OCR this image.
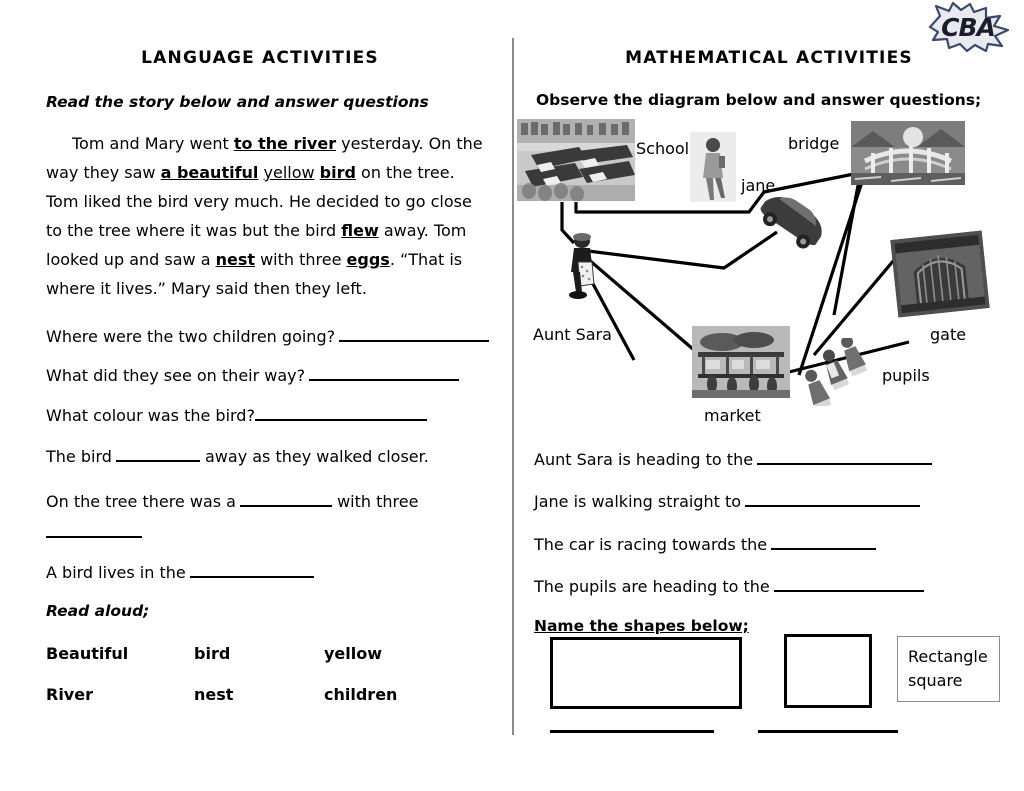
CBA
LANGUAGE ACTIVITIES
Read the story below and answer questions
Tom and Mary went to the river yesterday. On the way they saw a beautiful yellow bird on the tree. Tom liked the bird very much. He decided to go close to the tree where it was but the bird flew away. Tom looked up and saw a nest with three eggs. “That is where it lives.” Mary said then they left.
Where were the two children going?
What did they see on their way?
What colour was the bird?
The bird	away as they walked closer.
On the tree there was a	with three
A bird lives in the
Read aloud;
Beautiful	bird	yellow
River	nest	children
MATHEMATICAL ACTIVITIES
Observe the diagram below and answer questions;
School
jane
bridge
Aunt Sara	gate
pupils
market
Aunt Sara is heading to the
Jane is walking straight to
The car is racing towards the
The pupils are heading to the
Name the shapes below;
Rectangle
square
